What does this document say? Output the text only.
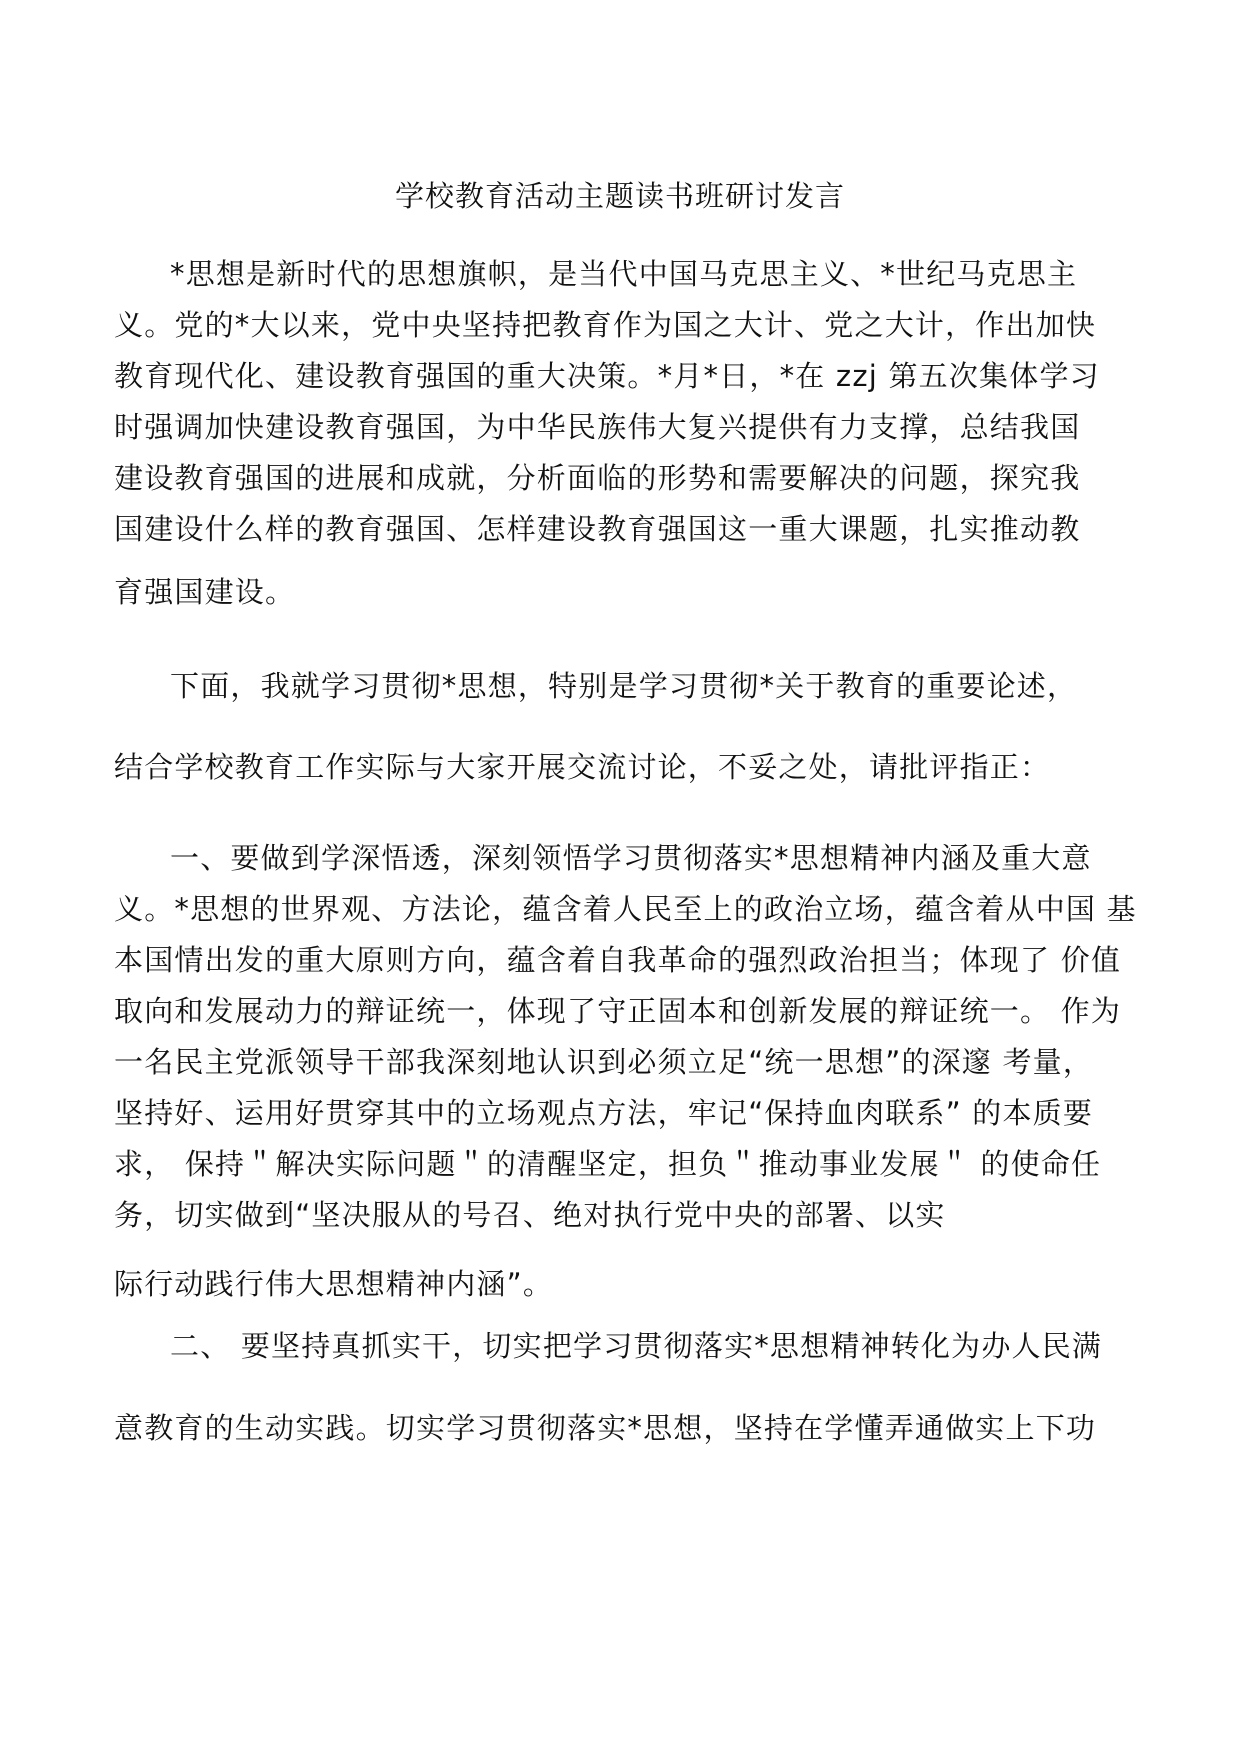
学校教育活动主题读书班研讨发言
*思想是新时代的思想旗帜，是当代中国马克思主义、*世纪马克思主
义。党的*大以来，党中央坚持把教育作为国之大计、党之大计，作出加快
教育现代化、建设教育强国的重大决策。*月*日，*在 zzj 第五次集体学习
时强调加快建设教育强国，为中华民族伟大复兴提供有力支撑，总结我国
建设教育强国的进展和成就，分析面临的形势和需要解决的问题，探究我
国建设什么样的教育强国、怎样建设教育强国这一重大课题，扎实推动教
育强国建设。
下面，我就学习贯彻*思想，特别是学习贯彻*关于教育的重要论述，
结合学校教育工作实际与大家开展交流讨论，不妥之处，请批评指正：
一、要做到学深悟透，深刻领悟学习贯彻落实*思想精神内涵及重大意
义。*思想的世界观、方法论，蕴含着人民至上的政治立场，蕴含着从中国 基
本国情出发的重大原则方向，蕴含着自我革命的强烈政治担当；体现了 价值
取向和发展动力的辩证统一，体现了守正固本和创新发展的辩证统一。 作为
一名民主党派领导干部我深刻地认识到必须立足“统一思想”的深邃 考量，
坚持好、运用好贯穿其中的立场观点方法，牢记“保持血肉联系” 的本质要
求， 保持＂解决实际问题＂的清醒坚定，担负＂推动事业发展＂ 的使命任
务，切实做到“坚决服从的号召、绝对执行党中央的部署、以实
际行动践行伟大思想精神内涵”。
二、 要坚持真抓实干，切实把学习贯彻落实*思想精神转化为办人民满
意教育的生动实践。切实学习贯彻落实*思想，坚持在学懂弄通做实上下功
